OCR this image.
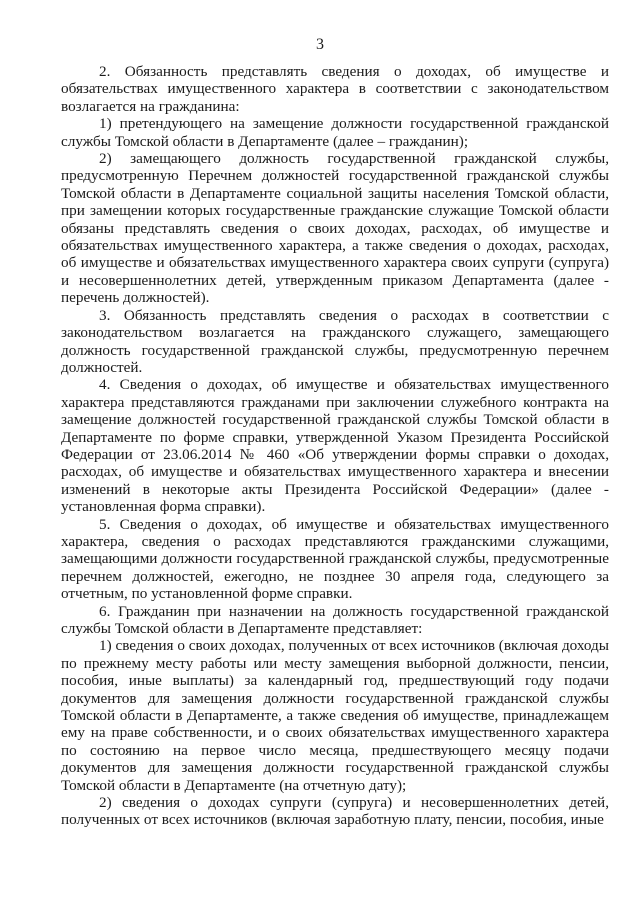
3

2. Обязанность представлять сведения о доходах, об имуществе и обязательствах имущественного характера в соответствии с законодательством возлагается на гражданина:

1) претендующего на замещение должности государственной гражданской службы Томской области в Департаменте (далее – гражданин);

2) замещающего должность государственной гражданской службы, предусмотренную Перечнем должностей государственной гражданской службы Томской области в Департаменте социальной защиты населения Томской области, при замещении которых государственные гражданские служащие Томской области обязаны представлять сведения о своих доходах, расходах, об имуществе и обязательствах имущественного характера, а также сведения о доходах, расходах, об имуществе и обязательствах имущественного характера своих супруги (супруга) и несовершеннолетних детей, утвержденным приказом Департамента (далее - перечень должностей).

3. Обязанность представлять сведения о расходах в соответствии с законодательством возлагается на гражданского служащего, замещающего должность государственной гражданской службы, предусмотренную перечнем должностей.

4. Сведения о доходах, об имуществе и обязательствах имущественного характера представляются гражданами при заключении служебного контракта на замещение должностей государственной гражданской службы Томской области в Департаменте по форме справки, утвержденной Указом Президента Российской Федерации от 23.06.2014 № 460 «Об утверждении формы справки о доходах, расходах, об имуществе и обязательствах имущественного характера и внесении изменений в некоторые акты Президента Российской Федерации» (далее - установленная форма справки).

5. Сведения о доходах, об имуществе и обязательствах имущественного характера, сведения о расходах представляются гражданскими служащими, замещающими должности государственной гражданской службы, предусмотренные перечнем должностей, ежегодно, не позднее 30 апреля года, следующего за отчетным, по установленной форме справки.

6. Гражданин при назначении на должность государственной гражданской службы Томской области в Департаменте представляет:

1) сведения о своих доходах, полученных от всех источников (включая доходы по прежнему месту работы или месту замещения выборной должности, пенсии, пособия, иные выплаты) за календарный год, предшествующий году подачи документов для замещения должности государственной гражданской службы Томской области в Департаменте, а также сведения об имуществе, принадлежащем ему на праве собственности, и о своих обязательствах имущественного характера по состоянию на первое число месяца, предшествующего месяцу подачи документов для замещения должности государственной гражданской службы Томской области в Департаменте (на отчетную дату);

2) сведения о доходах супруги (супруга) и несовершеннолетних детей, полученных от всех источников (включая заработную плату, пенсии, пособия, иные
